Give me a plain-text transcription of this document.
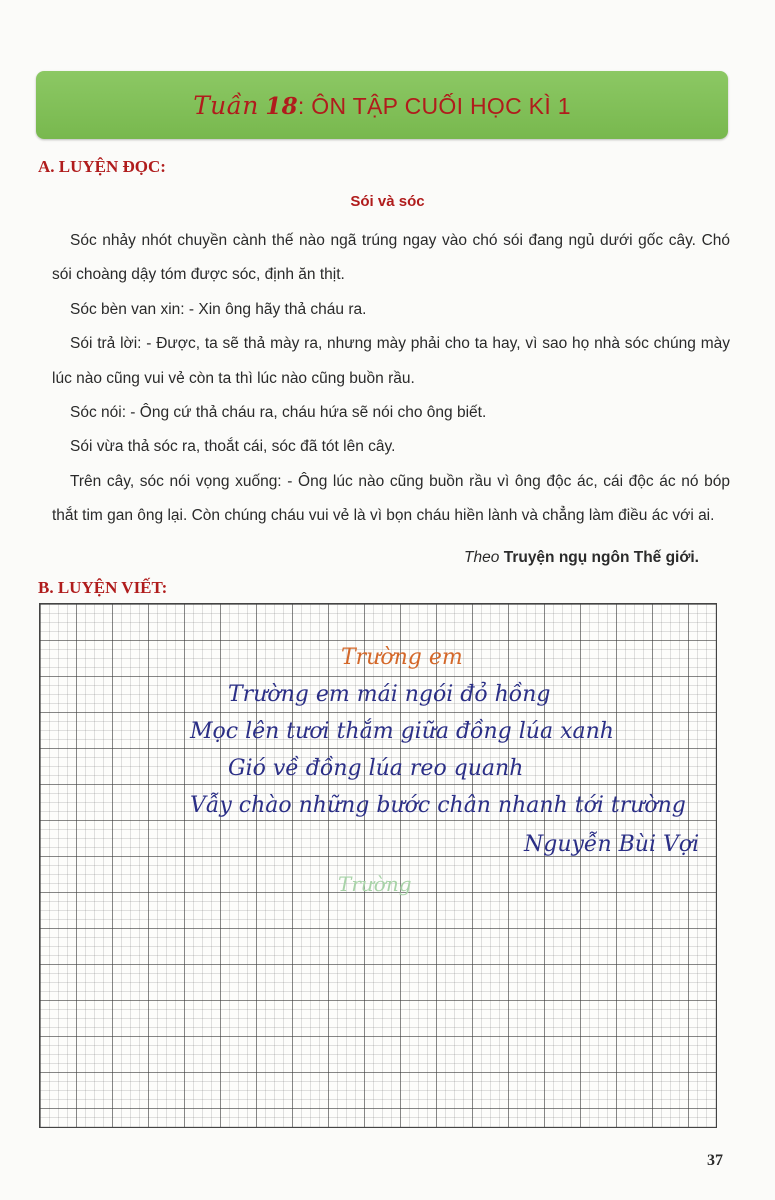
Tuần 18: ÔN TẬP CUỐI HỌC KÌ 1
A. LUYỆN ĐỌC:
Sói và sóc

Sóc nhảy nhót chuyền cành thế nào ngã trúng ngay vào chó sói đang ngủ dưới gốc cây. Chó sói choàng dậy tóm được sóc, định ăn thịt.

Sóc bèn van xin: - Xin ông hãy thả cháu ra.

Sói trả lời: - Được, ta sẽ thả mày ra, nhưng mày phải cho ta hay, vì sao họ nhà sóc chúng mày lúc nào cũng vui vẻ còn ta thì lúc nào cũng buồn rầu.

Sóc nói: - Ông cứ thả cháu ra, cháu hứa sẽ nói cho ông biết.

Sói vừa thả sóc ra, thoắt cái, sóc đã tót lên cây.

Trên cây, sóc nói vọng xuống: - Ông lúc nào cũng buồn rầu vì ông độc ác, cái độc ác nó bóp thắt tim gan ông lại. Còn chúng cháu vui vẻ là vì bọn cháu hiền lành và chẳng làm điều ác với ai.

Theo Truyện ngụ ngôn Thế giới.
B. LUYỆN VIẾT:
Trường em
Trường em mái ngói đỏ hồng
Mọc lên tươi thắm giữa đồng lúa xanh
Gió về đồng lúa reo quanh
Vẫy chào những bước chân nhanh tới trường
Nguyễn Bùi Vợi
Trường
37
